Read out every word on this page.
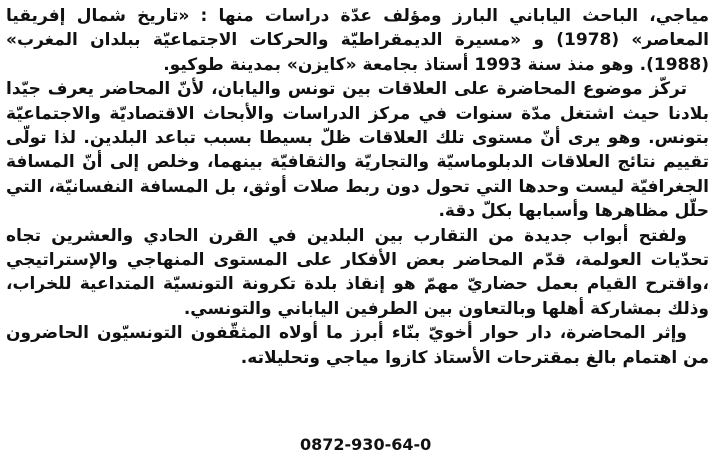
مياجي، الباحث الياباني البارز ومؤلف عدّة دراسات منها : «تاريخ شمال إفريقيا المعاصر» (1978) و «مسيرة الديمقراطيّة والحركات الاجتماعيّة ببلدان المغرب» (1988). وهو منذ سنة 1993 أستاذ بجامعة «كايزن» بمدينة طوكيو.

تركّز موضوع المحاضرة على العلاقات بين تونس واليابان، لأنّ المحاضر يعرف جيّدا بلادنا حيث اشتغل مدّة سنوات في مركز الدراسات والأبحاث الاقتصاديّة والاجتماعيّة بتونس. وهو يرى أنّ مستوى تلك العلاقات ظلّ بسيطا بسبب تباعد البلدين. لذا تولّى تقييم نتائج العلاقات الدبلوماسيّة والتجاريّة والثقافيّة بينهما، وخلص إلى أنّ المسافة الجغرافيّة ليست وحدها التي تحول دون ربط صلات أوثق، بل المسافة النفسانيّة، التي حلّل مظاهرها وأسبابها بكلّ دقة.

ولفتح أبواب جديدة من التقارب بين البلدين في القرن الحادي والعشرين تجاه تحدّيات العولمة، قدّم المحاضر بعض الأفكار على المستوى المنهاجي والإستراتيجي ،واقترح القيام بعمل حضاريّ مهمّ هو إنقاذ بلدة تكرونة التونسيّة المتداعية للخراب، وذلك بمشاركة أهلها وبالتعاون بين الطرفين الياباني والتونسي.

وإثر المحاضرة، دار حوار أخويّ بنّاء أبرز ما أولاه المثقّفون التونسيّون الحاضرون من اهتمام بالغ بمقترحات الأستاذ كازوا مياجي وتحليلاته.

0872-930-64-0
